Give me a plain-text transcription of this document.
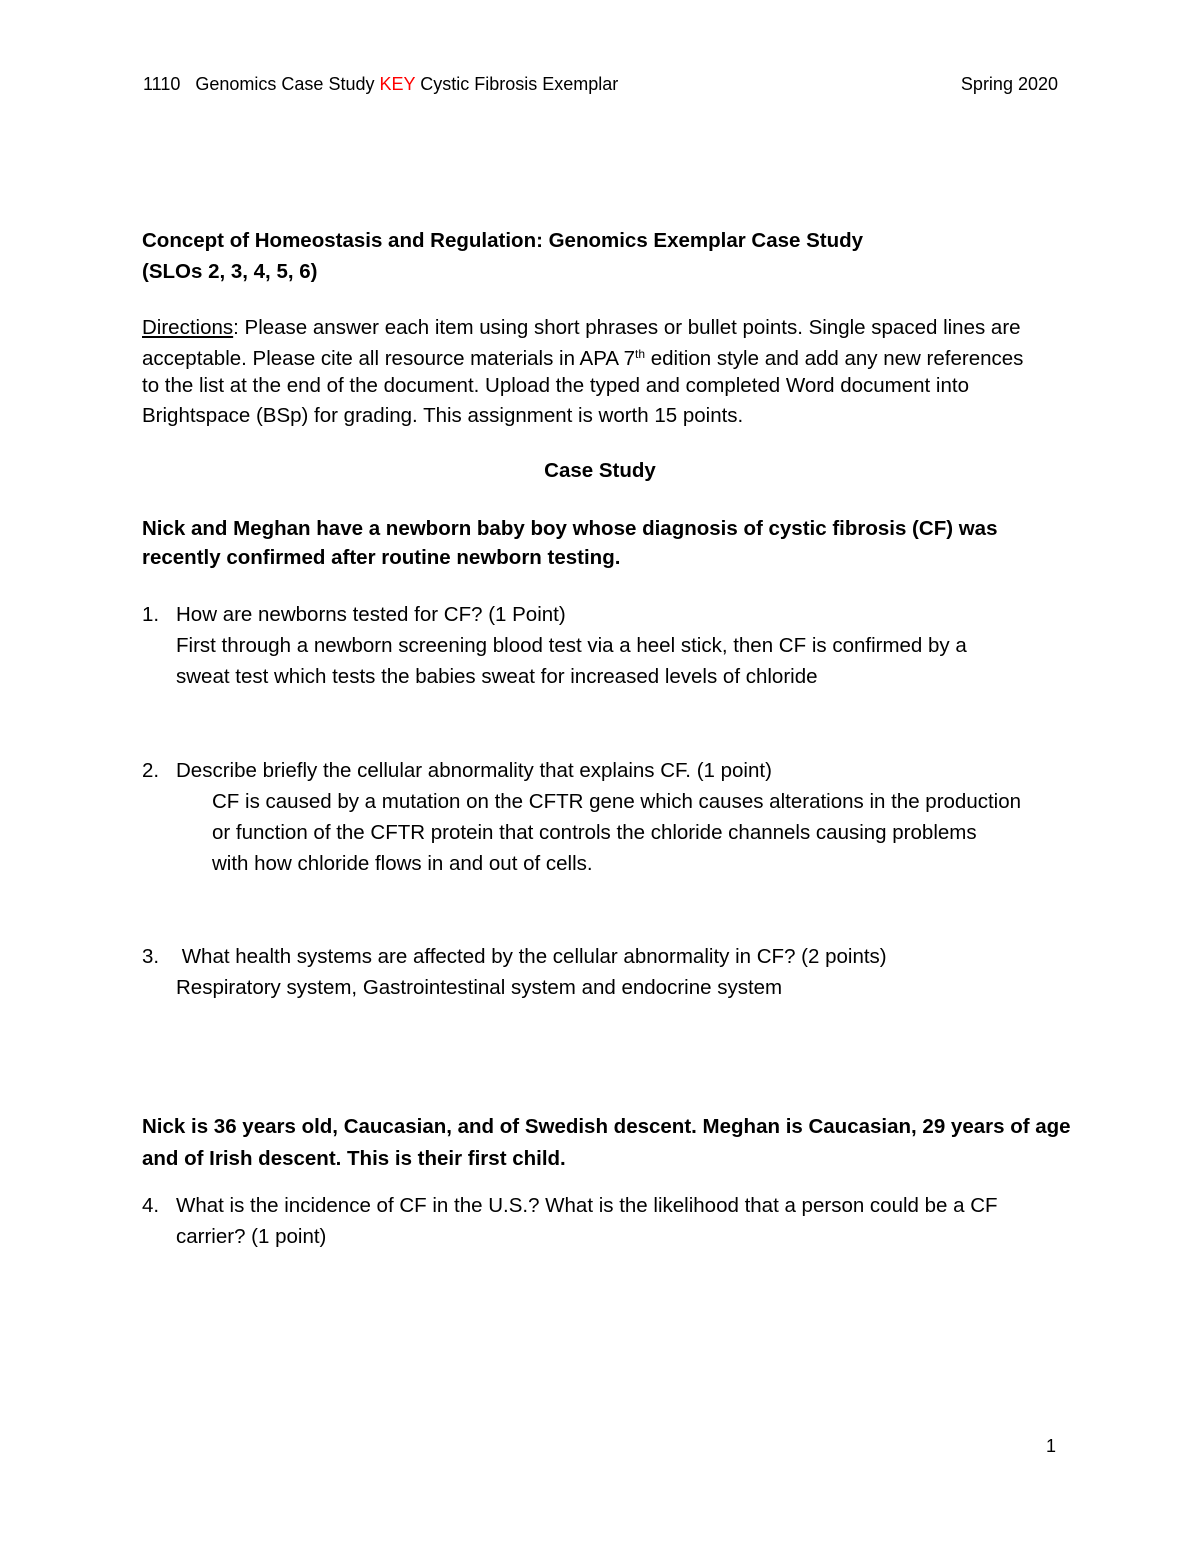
1110 Genomics Case Study KEY Cystic Fibrosis Exemplar	Spring 2020
Concept of Homeostasis and Regulation: Genomics Exemplar Case Study
(SLOs 2, 3, 4, 5, 6)
Directions: Please answer each item using short phrases or bullet points. Single spaced lines are
acceptable. Please cite all resource materials in APA 7th edition style and add any new references
to the list at the end of the document. Upload the typed and completed Word document into
Brightspace (BSp) for grading. This assignment is worth 15 points.
Case Study
Nick and Meghan have a newborn baby boy whose diagnosis of cystic fibrosis (CF) was
recently confirmed after routine newborn testing.
1. How are newborns tested for CF? (1 Point)
First through a newborn screening blood test via a heel stick, then CF is confirmed by a
sweat test which tests the babies sweat for increased levels of chloride
2. Describe briefly the cellular abnormality that explains CF. (1 point)
CF is caused by a mutation on the CFTR gene which causes alterations in the production
or function of the CFTR protein that controls the chloride channels causing problems
with how chloride flows in and out of cells.
3. What health systems are affected by the cellular abnormality in CF? (2 points)
Respiratory system, Gastrointestinal system and endocrine system
Nick is 36 years old, Caucasian, and of Swedish descent. Meghan is Caucasian, 29 years of age
and of Irish descent. This is their first child.
4. What is the incidence of CF in the U.S.? What is the likelihood that a person could be a CF
carrier? (1 point)
1
